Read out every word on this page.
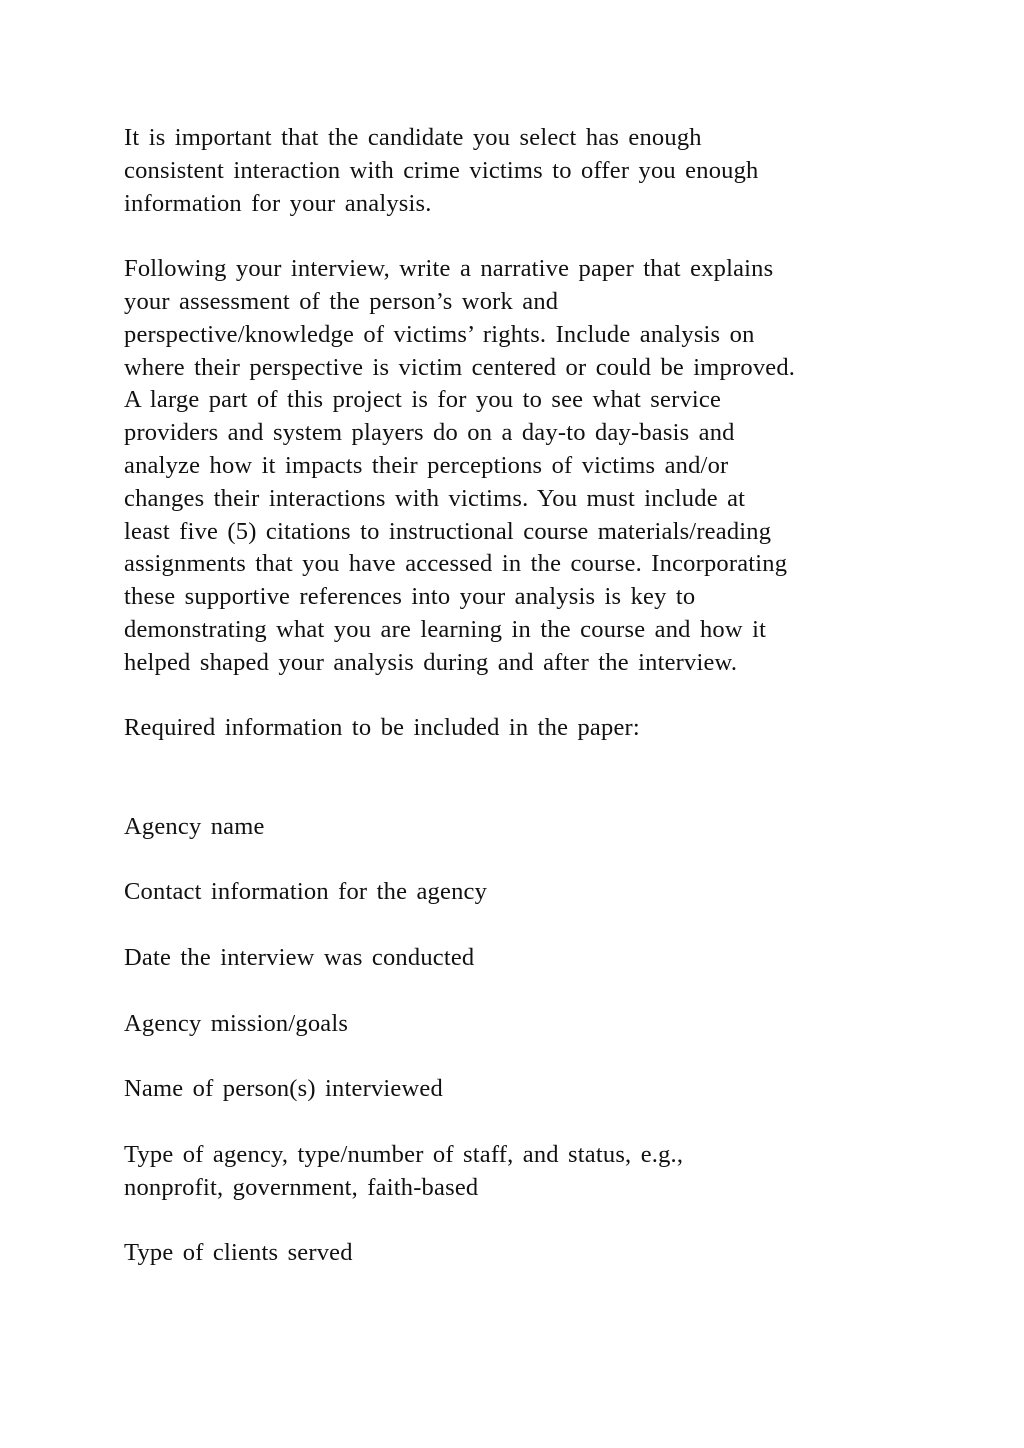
It is important that the candidate you select has enough
consistent interaction with crime victims to offer you enough
information for your analysis.

Following your interview, write a narrative paper that explains
your assessment of the person’s work and
perspective/knowledge of victims’ rights. Include analysis on
where their perspective is victim centered or could be improved.
A large part of this project is for you to see what service
providers and system players do on a day-to day-basis and
analyze how it impacts their perceptions of victims and/or
changes their interactions with victims. You must include at
least five (5) citations to instructional course materials/reading
assignments that you have accessed in the course. Incorporating
these supportive references into your analysis is key to
demonstrating what you are learning in the course and how it
helped shaped your analysis during and after the interview.

Required information to be included in the paper:

Agency name

Contact information for the agency

Date the interview was conducted

Agency mission/goals

Name of person(s) interviewed

Type of agency, type/number of staff, and status, e.g.,
nonprofit, government, faith-based

Type of clients served
